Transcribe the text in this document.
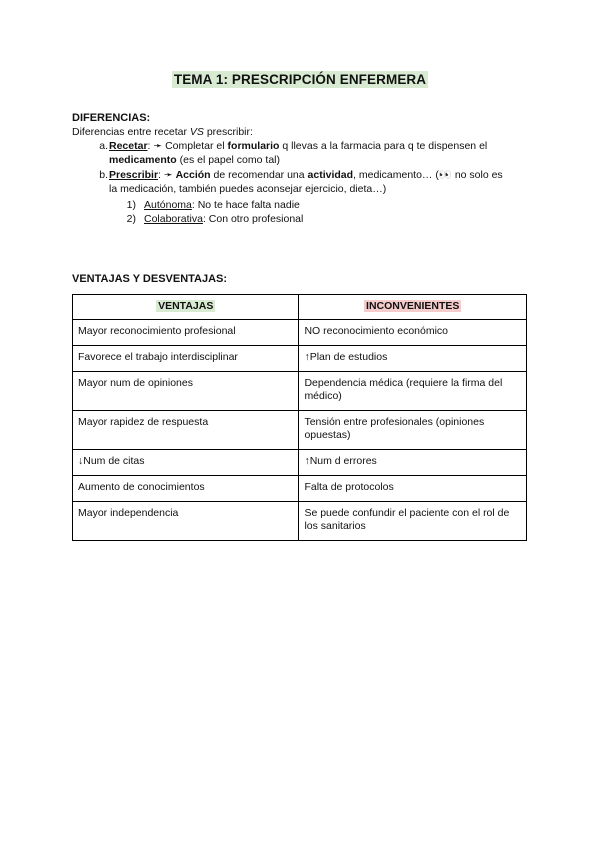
TEMA 1: PRESCRIPCIÓN ENFERMERA
DIFERENCIAS:
Diferencias entre recetar VS prescribir:
a. Recetar: ➛ Completar el formulario q llevas a la farmacia para q te dispensen el
medicamento (es el papel como tal)
b. Prescribir: ➛ Acción de recomendar una actividad, medicamento… (👀 no solo es
la medicación, también puedes aconsejar ejercicio, dieta…)
1) Autónoma: No te hace falta nadie
2) Colaborativa: Con otro profesional
VENTAJAS Y DESVENTAJAS:
VENTAJAS	INCONVENIENTES
Mayor reconocimiento profesional	NO reconocimiento económico
Favorece el trabajo interdisciplinar	↑Plan de estudios
Mayor num de opiniones	Dependencia médica (requiere la firma del médico)
Mayor rapidez de respuesta	Tensión entre profesionales (opiniones opuestas)
↓Num de citas	↑Num d errores
Aumento de conocimientos	Falta de protocolos
Mayor independencia	Se puede confundir el paciente con el rol de los sanitarios
